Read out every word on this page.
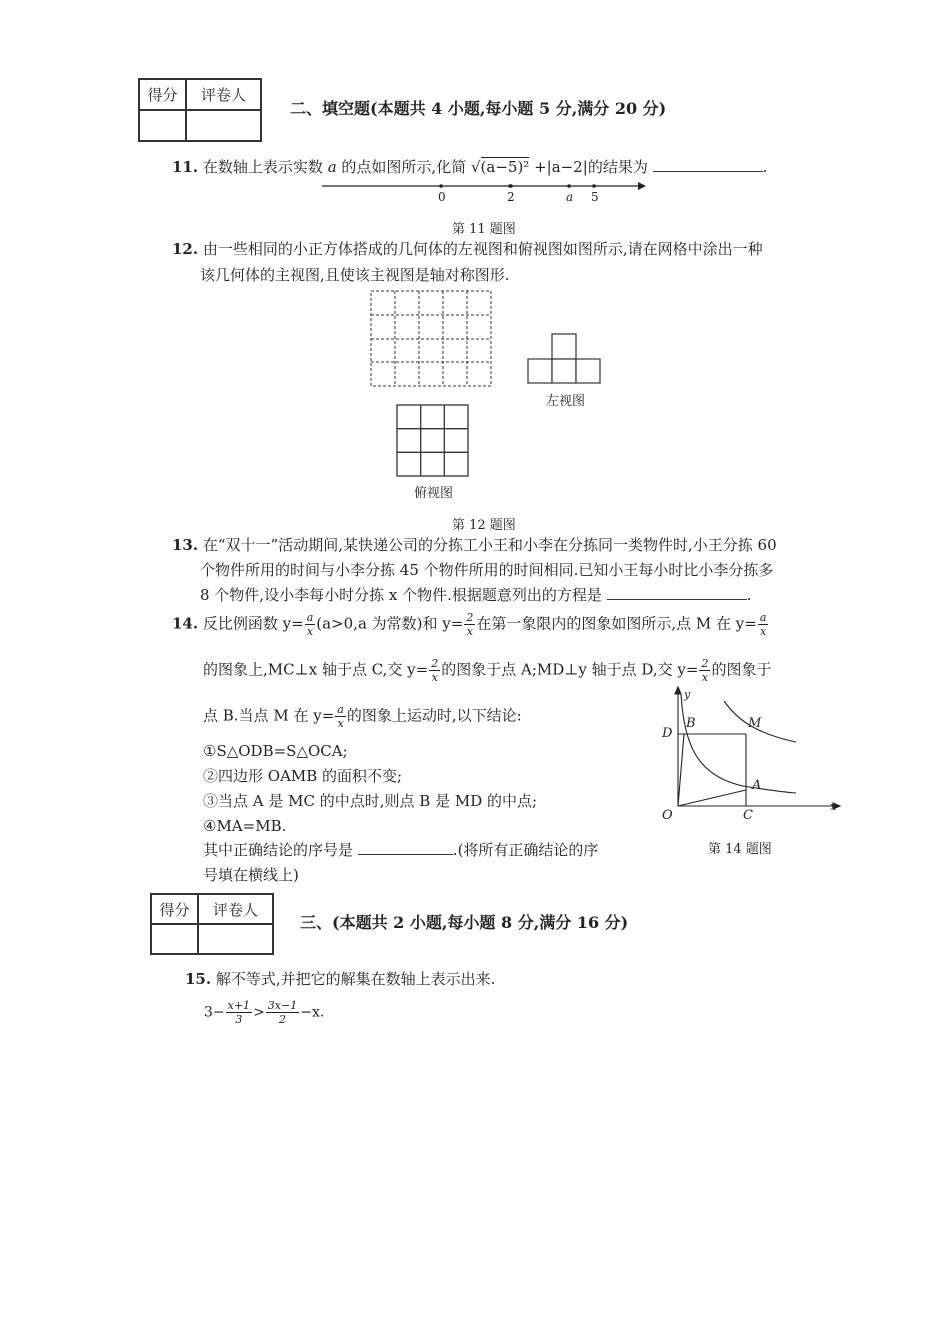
得分	评卷人
二、填空题(本题共 4 小题,每小题 5 分,满分 20 分)
11. 在数轴上表示实数 a 的点如图所示,化简 √(a−5)² +|a−2|的结果为	.
0	2	a 5
第 11 题图
12. 由一些相同的小正方体搭成的几何体的左视图和俯视图如图所示,请在网格中涂出一种
该几何体的主视图,且使该主视图是轴对称图形.
左视图
俯视图
第 12 题图
13. 在“双十一”活动期间,某快递公司的分拣工小王和小李在分拣同一类物件时,小王分拣 60
个物件所用的时间与小李分拣 45 个物件所用的时间相同.已知小王每小时比小李分拣多
8 个物件,设小李每小时分拣 x 个物件.根据题意列出的方程是	.
14. 反比例函数 $y= \frac{a}{x} (a>0,a$ 为常数)和 $y= \frac{2}{x}$ 在第一象限内的图象如图所示,点 M 在 $y= \frac{a}{x}$
的图象上,MC⊥x 轴于点 C,交 $y= \frac{2}{x}$ 的图象于点 A;MD⊥y 轴于点 D,交 $y= \frac{2}{x}$ 的图象于
点 B.当点 M 在 $y= \frac{a}{x}$ 的图象上运动时,以下结论:
①S△ODB=S△OCA;
②四边形 OAMB 的面积不变;
③当点 A 是 MC 的中点时,则点 B 是 MD 的中点;
④MA=MB.
其中正确结论的序号是	.(将所有正确结论的序
号填在横线上)
y
B	M
D
A
O	C
x
第 14 题图
得分	评卷人
三、(本题共 2 小题,每小题 8 分,满分 16 分)
15. 解不等式,并把它的解集在数轴上表示出来.
$3- \frac{x+1}{3} > \frac{3x-1}{2} -x$.
